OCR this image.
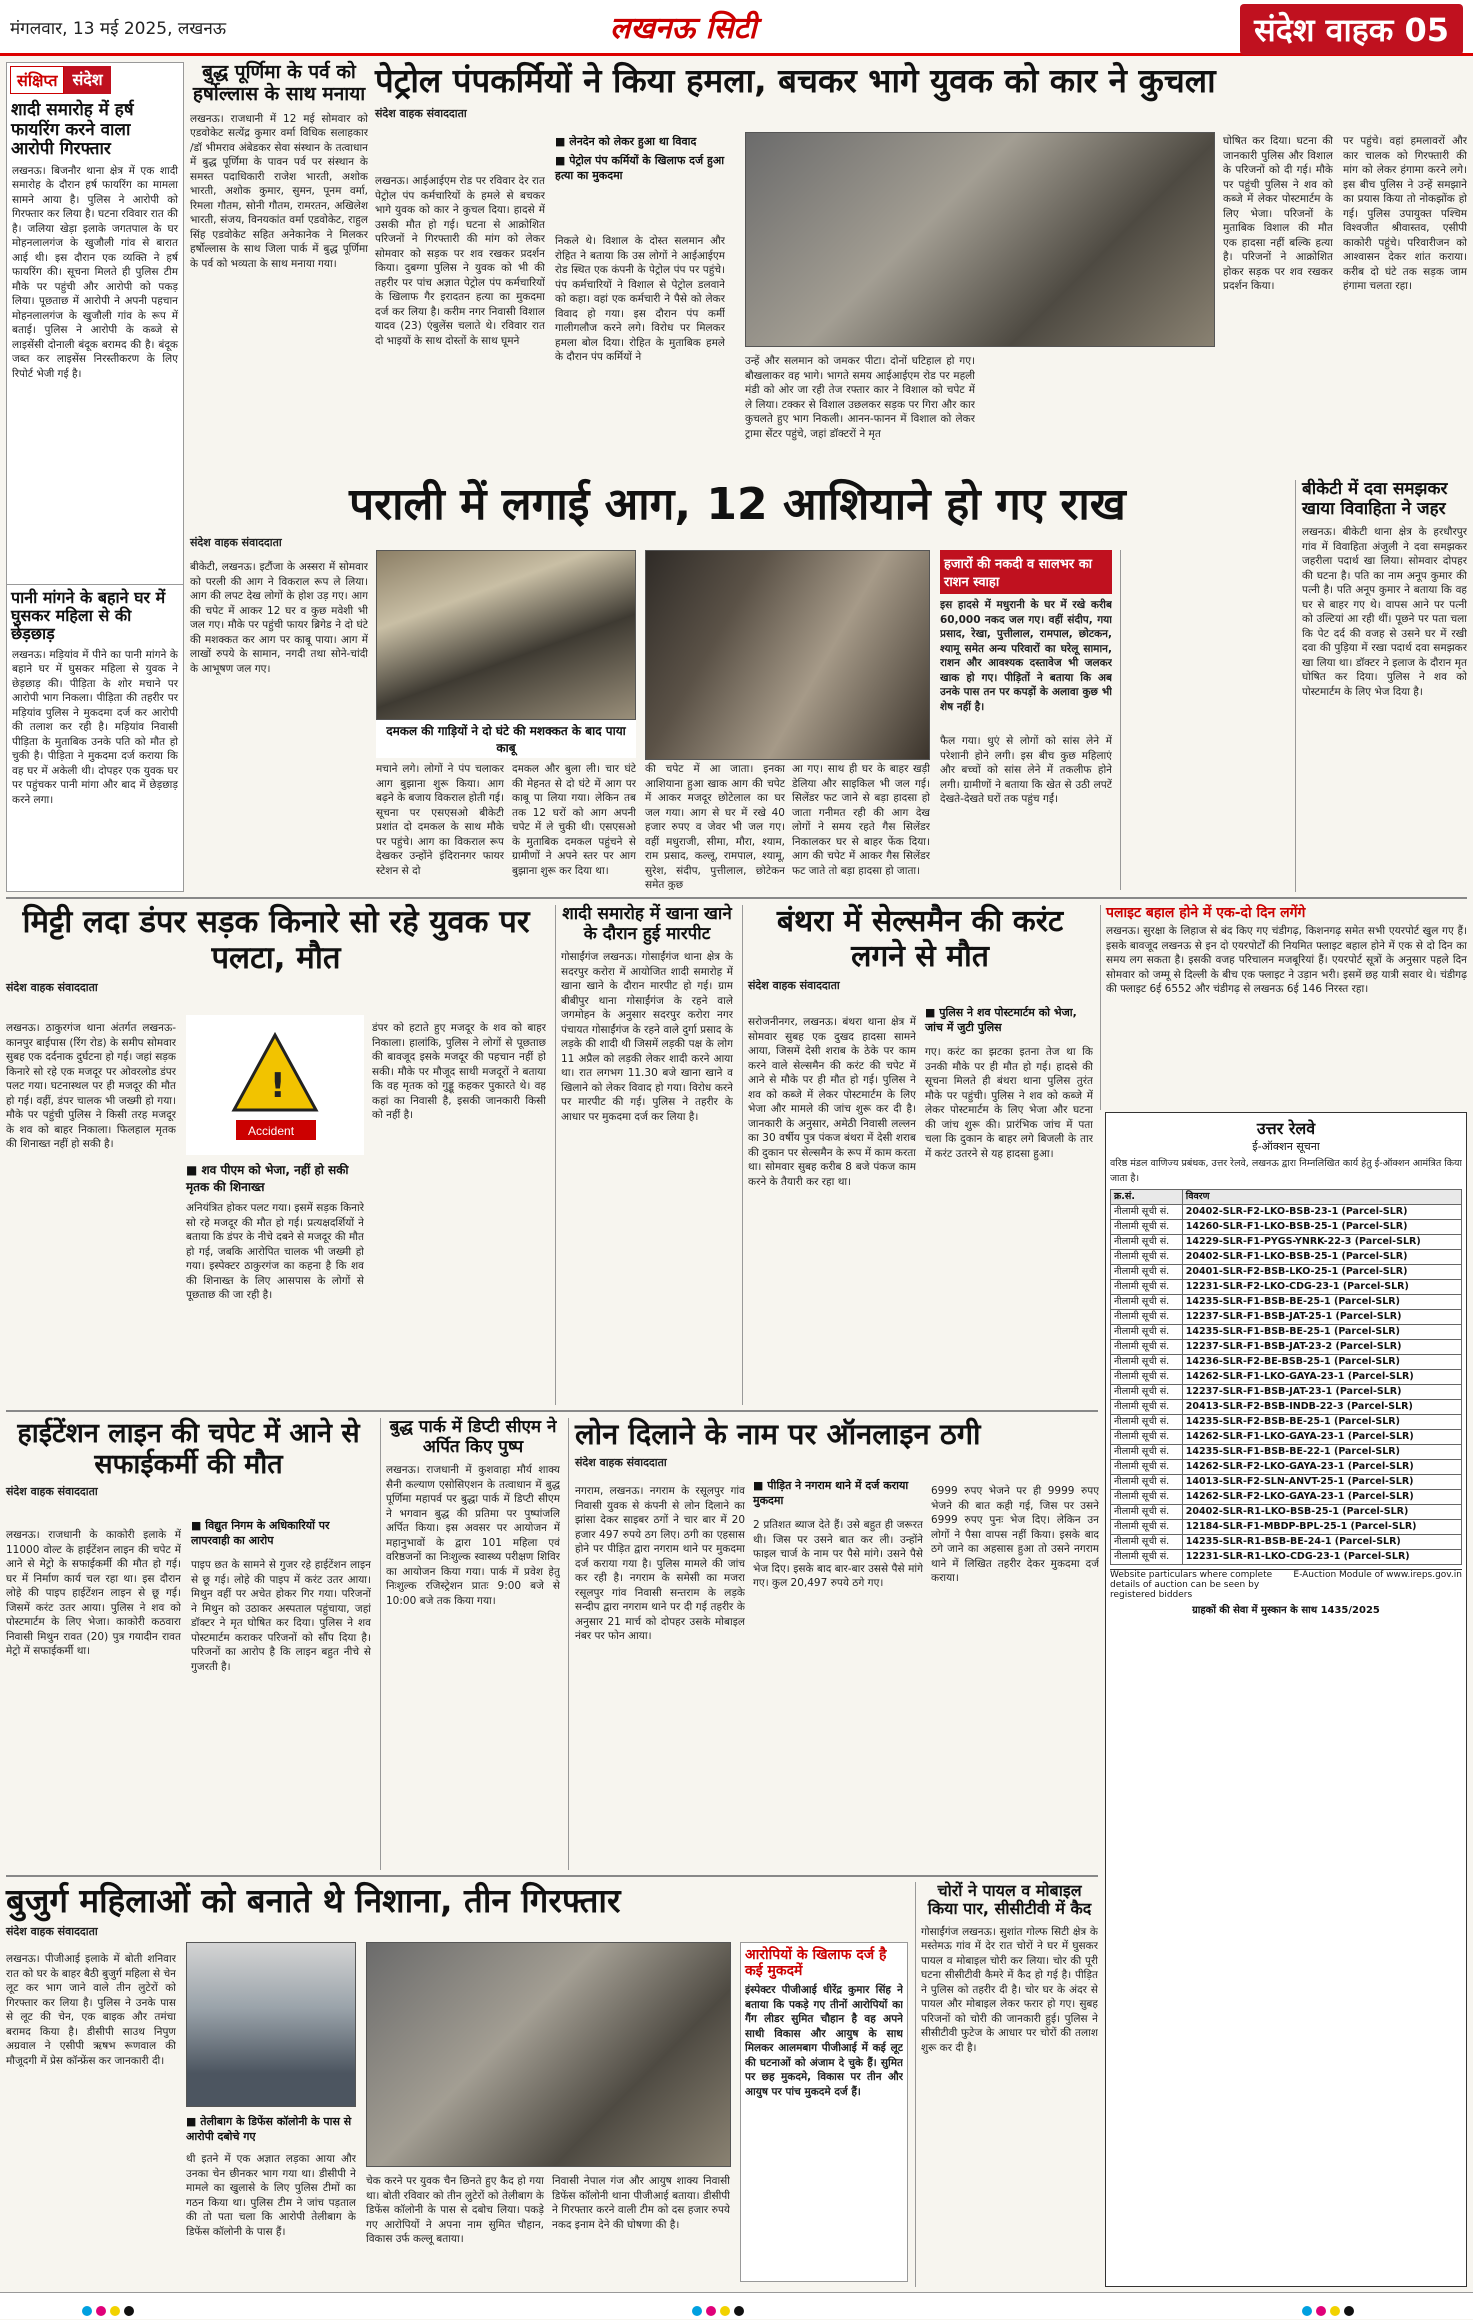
मंगलवार, 13 मई 2025, लखनऊ	लखनऊ सिटी	संदेश वाहक 05
संक्षिप्त संदेश
शादी समारोह में हर्ष फायरिंग करने वाला आरोपी गिरफ्तार
लखनऊ। बिजनौर थाना क्षेत्र में एक शादी समारोह के दौरान हर्ष फायरिंग का मामला सामने आया है। पुलिस ने आरोपी को गिरफ्तार कर लिया है। घटना रविवार रात की है। जलिया खेड़ा इलाके जगतपाल के घर मोहनलालगंज के खुजौली गांव से बारात आई थी। इस दौरान एक व्यक्ति ने हर्ष फायरिंग की। सूचना मिलते ही पुलिस टीम मौके पर पहुंची और आरोपी को पकड़ लिया। पूछताछ में आरोपी ने अपनी पहचान मोहनलालगंज के खुजौली गांव के रूप में बताई। पुलिस ने आरोपी के कब्जे से लाइसेंसी दोनाली बंदूक बरामद की है। बंदूक जब्त कर लाइसेंस निरस्तीकरण के लिए रिपोर्ट भेजी गई है।
पानी मांगने के बहाने घर में घुसकर महिला से की छेड़छाड़
लखनऊ। मड़ियांव में पीने का पानी मांगने के बहाने घर में घुसकर महिला से युवक ने छेड़छाड़ की। पीड़िता के शोर मचाने पर आरोपी भाग निकला। पीड़िता की तहरीर पर मड़ियांव पुलिस ने मुकदमा दर्ज कर आरोपी की तलाश कर रही है। मड़ियांव निवासी पीड़िता के मुताबिक उनके पति को मौत हो चुकी है। पीड़िता ने मुकदमा दर्ज कराया कि वह घर में अकेली थी। दोपहर एक युवक घर पर पहुंचकर पानी मांगा और बाद में छेड़छाड़ करने लगा।
बुद्ध पूर्णिमा के पर्व को हर्षोल्लास के साथ मनाया
लखनऊ। राजधानी में 12 मई सोमवार को एडवोकेट सत्येंद्र कुमार वर्मा विधिक सलाहकार /डॉ भीमराव अंबेडकर सेवा संस्थान के तत्वाधान में बुद्ध पूर्णिमा के पावन पर्व पर संस्थान के समस्त पदाधिकारी राजेश भारती, अशोक भारती, अशोक कुमार, सुमन, पूनम वर्मा, रिमला गौतम, सोनी गौतम, रामरतन, अखिलेश भारती, संजय, विनयकांत वर्मा एडवोकेट, राहुल सिंह एडवोकेट सहित अनेकानेक ने मिलकर हर्षोल्लास के साथ जिला पार्क में बुद्ध पूर्णिमा के पर्व को भव्यता के साथ मनाया गया।
पेट्रोल पंपकर्मियों ने किया हमला, बचकर भागे युवक को कार ने कुचला
संदेश वाहक संवाददाता
लखनऊ। आईआईएम रोड पर रविवार देर रात पेट्रोल पंप कर्मचारियों के हमले से बचकर भागे युवक को कार ने कुचल दिया। हादसे में उसकी मौत हो गई। घटना से आक्रोशित परिजनों ने गिरफ्तारी की मांग को लेकर सोमवार को सड़क पर शव रखकर प्रदर्शन किया। दुबग्गा पुलिस ने युवक को भी की तहरीर पर पांच अज्ञात पेट्रोल पंप कर्मचारियों के खिलाफ गैर इरादतन हत्या का मुकदमा दर्ज कर लिया है। करीम नगर निवासी विशाल यादव (23) एंबुलेंस चलाते थे। रविवार रात दो भाइयों के साथ दोस्तों के साथ घूमने
■ लेनदेन को लेकर हुआ था विवाद
■ पेट्रोल पंप कर्मियों के खिलाफ दर्ज हुआ हत्या का मुकदमा
निकले थे। विशाल के दोस्त सलमान और रोहित ने बताया कि उस लोगों ने आईआईएम रोड स्थित एक कंपनी के पेट्रोल पंप पर पहुंचे। पंप कर्मचारियों ने विशाल से पेट्रोल डलवाने को कहा। वहां एक कर्मचारी ने पैसे को लेकर विवाद हो गया। इस दौरान पंप कर्मी गालीगलौज करने लगे। विरोध पर मिलकर हमला बोल दिया। रोहित के मुताबिक हमले के दौरान पंप कर्मियों ने	उन्हें और सलमान को जमकर पीटा। दोनों घटिहाल हो गए। बौखलाकर वह भागे। भागते समय आईआईएम रोड पर महली मंडी को ओर जा रही तेज रफ्तार कार ने विशाल को चपेट में ले लिया। टक्कर से विशाल उछलकर सड़क पर गिरा और कार कुचलते हुए भाग निकली। आनन-फानन में विशाल को लेकर ट्रामा सेंटर पहुंचे, जहां डॉक्टरों ने मृत
घोषित कर दिया। घटना की जानकारी पुलिस और विशाल के परिजनों को दी गई। मौके पर पहुंची पुलिस ने शव को कब्जे में लेकर पोस्टमार्टम के लिए भेजा। परिजनों के मुताबिक विशाल की मौत एक हादसा नहीं बल्कि हत्या है। परिजनों ने आक्रोशित होकर सड़क पर शव रखकर प्रदर्शन किया।
पर पहुंचे। वहां हमलावरों और कार चालक को गिरफ्तारी की मांग को लेकर हंगामा करने लगे। इस बीच पुलिस ने उन्हें समझाने का प्रयास किया तो नोकझोंक हो गई। पुलिस उपायुक्त पश्चिम विश्वजीत श्रीवास्तव, एसीपी काकोरी पहुंचे। परिवारीजन को आश्वासन देकर शांत कराया। करीब दो घंटे तक सड़क जाम हंगामा चलता रहा।
पराली में लगाई आग, 12 आशियाने हो गए राख
संदेश वाहक संवाददाता
बीकेटी, लखनऊ। इटौंजा के अस्सरा में सोमवार को परली की आग ने विकराल रूप ले लिया। आग की लपट देख लोगों के होश उड़ गए। आग की चपेट में आकर 12 घर व कुछ मवेशी भी जल गए। मौके पर पहुंची फायर ब्रिगेड ने दो घंटे की मशक्कत कर आग पर काबू पाया। आग में लाखों रुपये के सामान, नगदी तथा सोने-चांदी के आभूषण जल गए।
दमकल की गाड़ियों ने दो घंटे की मशक्कत के बाद पाया काबू
मचाने लगे। लोगों ने पंप चलाकर आग बुझाना शुरू किया। आग बढ़ने के बजाय विकराल होती गई। सूचना पर एसएसओ बीकेटी प्रशांत दो दमकल के साथ मौके पर पहुंचे। आग का विकराल रूप देखकर उन्होंने इंदिरानगर फायर स्टेशन से दो
दमकल और बुला ली। चार घंटे की मेहनत से दो घंटे में आग पर काबू पा लिया गया। लेकिन तब तक 12 घरों को आग अपनी चपेट में ले चुकी थी। एसएसओ के मुताबिक दमकल पहुंचने से ग्रामीणों ने अपने स्तर पर आग बुझाना शुरू कर दिया था।
की चपेट में आ जाता। इनका आशियाना हुआ खाक आग की चपेट में आकर मजदूर छोटेलाल का घर जल गया। आग से घर में रखे 40 हजार रुपए व जेवर भी जल गए। वहीं मधुराजी, सीमा, मौरा, श्याम, राम प्रसाद, कल्लू, रामपाल, श्यामू, सुरेश, संदीप, पुत्तीलाल, छोटेकन समेत कुछ
आ गए। साथ ही घर के बाहर खड़ी डेलिया और साइकिल भी जल गई। सिलेंडर फट जाने से बड़ा हादसा हो जाता गनीमत रही की आग देख लोगों ने समय रहते गैस सिलेंडर निकालकर घर से बाहर फेंक दिया। आग की चपेट में आकर गैस सिलेंडर फट जाते तो बड़ा हादसा हो जाता।
हजारों की नकदी व सालभर का राशन स्वाहा
इस हादसे में मधुरानी के घर में रखे करीब 60,000 नकद जल गए। वहीं संदीप, गया प्रसाद, रेखा, पुत्तीलाल, रामपाल, छोटकन, श्यामू समेत अन्य परिवारों का घरेलू सामान, राशन और आवश्यक दस्तावेज भी जलकर खाक हो गए। पीड़ितों ने बताया कि अब उनके पास तन पर कपड़ों के अलावा कुछ भी शेष नहीं है।
फैल गया। धुएं से लोगों को सांस लेने में परेशानी होने लगी। इस बीच कुछ महिलाएं और बच्चों को सांस लेने में तकलीफ होने लगी। ग्रामीणों ने बताया कि खेत से उठी लपटें देखते-देखते घरों तक पहुंच गईं।
बीकेटी में दवा समझकर खाया विवाहिता ने जहर
लखनऊ। बीकेटी थाना क्षेत्र के हरधौरपुर गांव में विवाहिता अंजुली ने दवा समझकर जहरीला पदार्थ खा लिया। सोमवार दोपहर की घटना है। पति का नाम अनूप कुमार की पत्नी है। पति अनूप कुमार ने बताया कि वह घर से बाहर गए थे। वापस आने पर पत्नी को उल्टियां आ रही थीं। पूछने पर पता चला कि पेट दर्द की वजह से उसने घर में रखी दवा की पुड़िया में रखा पदार्थ दवा समझकर खा लिया था। डॉक्टर ने इलाज के दौरान मृत घोषित कर दिया। पुलिस ने शव को पोस्टमार्टम के लिए भेज दिया है।
मिट्टी लदा डंपर सड़क किनारे सो रहे युवक पर पलटा, मौत
संदेश वाहक संवाददाता
लखनऊ। ठाकुरगंज थाना अंतर्गत लखनऊ-कानपुर बाईपास (रिंग रोड) के समीप सोमवार सुबह एक दर्दनाक दुर्घटना हो गई। जहां सड़क किनारे सो रहे एक मजदूर पर ओवरलोड डंपर पलट गया। घटनास्थल पर ही मजदूर की मौत हो गई। वहीं, डंपर चालक भी जख्मी हो गया। मौके पर पहुंची पुलिस ने किसी तरह मजदूर के शव को बाहर निकाला। फिलहाल मृतक की शिनाख्त नहीं हो सकी है।
!
Accident
■ शव पीएम को भेजा, नहीं हो सकी मृतक की शिनाख्त
अनियंत्रित होकर पलट गया। इसमें सड़क किनारे सो रहे मजदूर की मौत हो गई। प्रत्यक्षदर्शियों ने बताया कि डंपर के नीचे दबने से मजदूर की मौत हो गई, जबकि आरोपित चालक भी जख्मी हो गया। इस्पेक्टर ठाकुरगंज का कहना है कि शव की शिनाख्त के लिए आसपास के लोगों से पूछताछ की जा रही है।
डंपर को हटाते हुए मजदूर के शव को बाहर निकाला। हालांकि, पुलिस ने लोगों से पूछताछ की बावजूद इसके मजदूर की पहचान नहीं हो सकी। मौके पर मौजूद साथी मजदूरों ने बताया कि वह मृतक को गुड्डू कहकर पुकारते थे। वह कहां का निवासी है, इसकी जानकारी किसी को नहीं है।
शादी समारोह में खाना खाने के दौरान हुई मारपीट
गोसाईंगंज लखनऊ। गोसाईंगंज थाना क्षेत्र के सदरपुर करोरा में आयोजित शादी समारोह में खाना खाने के दौरान मारपीट हो गई। ग्राम बीबीपुर थाना गोसाईंगंज के रहने वाले जगमोहन के अनुसार सदरपुर करोरा नगर पंचायत गोसाईंगंज के रहने वाले दुर्गा प्रसाद के लड़के की शादी थी जिसमें लड़की पक्ष के लोग 11 अप्रैल को लड़की लेकर शादी करने आया था। रात लगभग 11.30 बजे खाना खाने व खिलाने को लेकर विवाद हो गया। विरोध करने पर मारपीट की गई। पुलिस ने तहरीर के आधार पर मुकदमा दर्ज कर लिया है।
बंथरा में सेल्समैन की करंट लगने से मौत
संदेश वाहक संवाददाता
सरोजनीनगर, लखनऊ। बंथरा थाना क्षेत्र में सोमवार सुबह एक दुखद हादसा सामने आया, जिसमें देसी शराब के ठेके पर काम करने वाले सेल्समैन की करंट की चपेट में आने से मौके पर ही मौत हो गई। पुलिस ने शव को कब्जे में लेकर पोस्टमार्टम के लिए भेजा और मामले की जांच शुरू कर दी है। जानकारी के अनुसार, अमेठी निवासी लल्लन का 30 वर्षीय पुत्र पंकज बंथरा में देसी शराब की दुकान पर सेल्समैन के रूप में काम करता था। सोमवार सुबह करीब 8 बजे पंकज काम करने के तैयारी कर रहा था।
■ पुलिस ने शव पोस्टमार्टम को भेजा, जांच में जुटी पुलिस
गए। करंट का झटका इतना तेज था कि उनकी मौके पर ही मौत हो गई। हादसे की सूचना मिलते ही बंथरा थाना पुलिस तुरंत मौके पर पहुंची। पुलिस ने शव को कब्जे में लेकर पोस्टमार्टम के लिए भेजा और घटना की जांच शुरू की। प्रारंभिक जांच में पता चला कि दुकान के बाहर लगे बिजली के तार में करंट उतरने से यह हादसा हुआ।
पलाइट बहाल होने में एक-दो दिन लगेंगे
लखनऊ। सुरक्षा के लिहाज से बंद किए गए चंडीगढ़, किशनगढ़ समेत सभी एयरपोर्ट खुल गए हैं। इसके बावजूद लखनऊ से इन दो एयरपोर्टों की नियमित फ्लाइट बहाल होने में एक से दो दिन का समय लग सकता है। इसकी वजह परिचालन मजबूरियां हैं। एयरपोर्ट सूत्रों के अनुसार पहले दिन सोमवार को जम्मू से दिल्ली के बीच एक फ्लाइट ने उड़ान भरी। इसमें छह यात्री सवार थे। चंडीगढ़ की फ्लाइट 6ई 6552 और चंडीगढ़ से लखनऊ 6ई 146 निरस्त रहा।
उत्तर रेलवे
ई-ऑक्शन सूचना
वरिष्ठ मंडल वाणिज्य प्रबंधक, उत्तर रेलवे, लखनऊ द्वारा निम्नलिखित कार्य हेतु ई-ऑक्शन आमंत्रित किया जाता है।
क्र.सं.	विवरण
नीलामी सूची सं.	20402-SLR-F2-LKO-BSB-23-1 (Parcel-SLR)
नीलामी सूची सं.	14260-SLR-F1-LKO-BSB-25-1 (Parcel-SLR)
नीलामी सूची सं.	14229-SLR-F1-PYGS-YNRK-22-3 (Parcel-SLR)
नीलामी सूची सं.	20402-SLR-F1-LKO-BSB-25-1 (Parcel-SLR)
नीलामी सूची सं.	20401-SLR-F2-BSB-LKO-25-1 (Parcel-SLR)
नीलामी सूची सं.	12231-SLR-F2-LKO-CDG-23-1 (Parcel-SLR)
नीलामी सूची सं.	14235-SLR-F1-BSB-BE-25-1 (Parcel-SLR)
नीलामी सूची सं.	12237-SLR-F1-BSB-JAT-25-1 (Parcel-SLR)
नीलामी सूची सं.	14235-SLR-F1-BSB-BE-25-1 (Parcel-SLR)
नीलामी सूची सं.	12237-SLR-F1-BSB-JAT-23-2 (Parcel-SLR)
नीलामी सूची सं.	14236-SLR-F2-BE-BSB-25-1 (Parcel-SLR)
नीलामी सूची सं.	14262-SLR-F1-LKO-GAYA-23-1 (Parcel-SLR)
नीलामी सूची सं.	12237-SLR-F1-BSB-JAT-23-1 (Parcel-SLR)
नीलामी सूची सं.	20413-SLR-F2-BSB-INDB-22-3 (Parcel-SLR)
नीलामी सूची सं.	14235-SLR-F2-BSB-BE-25-1 (Parcel-SLR)
नीलामी सूची सं.	14262-SLR-F1-LKO-GAYA-23-1 (Parcel-SLR)
नीलामी सूची सं.	14235-SLR-F1-BSB-BE-22-1 (Parcel-SLR)
नीलामी सूची सं.	14262-SLR-F2-LKO-GAYA-23-1 (Parcel-SLR)
नीलामी सूची सं.	14013-SLR-F2-SLN-ANVT-25-1 (Parcel-SLR)
नीलामी सूची सं.	14262-SLR-F2-LKO-GAYA-23-1 (Parcel-SLR)
नीलामी सूची सं.	20402-SLR-R1-LKO-BSB-25-1 (Parcel-SLR)
नीलामी सूची सं.	12184-SLR-F1-MBDP-BPL-25-1 (Parcel-SLR)
नीलामी सूची सं.	14235-SLR-R1-BSB-BE-24-1 (Parcel-SLR)
नीलामी सूची सं.	12231-SLR-R1-LKO-CDG-23-1 (Parcel-SLR)
Website particulars where complete details of auction can be seen by registered bidders
E-Auction Module of www.ireps.gov.in
ग्राहकों की सेवा में मुस्कान के साथ 1435/2025
हाईटेंशन लाइन की चपेट में आने से सफाईकर्मी की मौत
संदेश वाहक संवाददाता
लखनऊ। राजधानी के काकोरी इलाके में 11000 वोल्ट के हाईटेंशन लाइन की चपेट में आने से मेट्रो के सफाईकर्मी की मौत हो गई। घर में निर्माण कार्य चल रहा था। इस दौरान लोहे की पाइप हाईटेंशन लाइन से छू गई। जिसमें करंट उतर आया। पुलिस ने शव को पोस्टमार्टम के लिए भेजा। काकोरी कठवारा निवासी मिथुन रावत (20) पुत्र गयादीन रावत मेट्रो में सफाईकर्मी था।
■ विद्युत निगम के अधिकारियों पर लापरवाही का आरोप
पाइप छत के सामने से गुजर रहे हाईटेंशन लाइन से छू गई। लोहे की पाइप में करंट उतर आया। मिथुन वहीं पर अचेत होकर गिर गया। परिजनों ने मिथुन को उठाकर अस्पताल पहुंचाया, जहां डॉक्टर ने मृत घोषित कर दिया। पुलिस ने शव पोस्टमार्टम कराकर परिजनों को सौंप दिया है। परिजनों का आरोप है कि लाइन बहुत नीचे से गुजरती है।
बुद्ध पार्क में डिप्टी सीएम ने अर्पित किए पुष्प
लखनऊ। राजधानी में कुशवाहा मौर्य शाक्य सैनी कल्याण एसोसिएशन के तत्वाधान में बुद्ध पूर्णिमा महापर्व पर बुद्धा पार्क में डिप्टी सीएम ने भगवान बुद्ध की प्रतिमा पर पुष्पांजलि अर्पित किया। इस अवसर पर आयोजन में महानुभावों के द्वारा 101 महिला एवं वरिष्ठजनों का निःशुल्क स्वास्थ्य परीक्षण शिविर का आयोजन किया गया। पार्क में प्रवेश हेतु निःशुल्क रजिस्ट्रेशन प्रातः 9:00 बजे से 10:00 बजे तक किया गया।
लोन दिलाने के नाम पर ऑनलाइन ठगी
संदेश वाहक संवाददाता
नगराम, लखनऊ। नगराम के रसूलपुर गांव निवासी युवक से कंपनी से लोन दिलाने का झांसा देकर साइबर ठगों ने चार बार में 20 हजार 497 रुपये ठग लिए। ठगी का एहसास होने पर पीड़ित द्वारा नगराम थाने पर मुकदमा दर्ज कराया गया है। पुलिस मामले की जांच कर रही है। नगराम के समेसी का मजरा रसूलपुर गांव निवासी सन्तराम के लड़के सन्दीप द्वारा नगराम थाने पर दी गई तहरीर के अनुसार 21 मार्च को दोपहर उसके मोबाइल नंबर पर फोन आया।
■ पीड़ित ने नगराम थाने में दर्ज कराया मुकदमा
2 प्रतिशत ब्याज देते हैं। उसे बहुत ही जरूरत थी। जिस पर उसने बात कर ली। उन्होंने फाइल चार्ज के नाम पर पैसे मांगे। उसने पैसे भेज दिए। इसके बाद बार-बार उससे पैसे मांगे गए। कुल 20,497 रुपये ठगे गए।
6999 रुपए भेजने पर ही 9999 रुपए भेजने की बात कही गई, जिस पर उसने 6999 रुपए पुनः भेज दिए। लेकिन उन लोगों ने पैसा वापस नहीं किया। इसके बाद ठगे जाने का अहसास हुआ तो उसने नगराम थाने में लिखित तहरीर देकर मुकदमा दर्ज कराया।
बुजुर्ग महिलाओं को बनाते थे निशाना, तीन गिरफ्तार
संदेश वाहक संवाददाता
लखनऊ। पीजीआई इलाके में बोती शनिवार रात को घर के बाहर बैठी बुजुर्ग महिला से चेन लूट कर भाग जाने वाले तीन लुटेरों को गिरफ्तार कर लिया है। पुलिस ने उनके पास से लूट की चेन, एक बाइक और तमंचा बरामद किया है। डीसीपी साउथ निपुण अग्रवाल ने एसीपी ऋषभ रूणवाल की मौजूदगी में प्रेस कॉन्फ्रेंस कर जानकारी दी।
■ तेलीबाग के डिफेंस कॉलोनी के पास से आरोपी दबोचे गए
थी इतने में एक अज्ञात लड़का आया और उनका चेन छीनकर भाग गया था। डीसीपी ने मामले का खुलासे के लिए पुलिस टीमों का गठन किया था। पुलिस टीम ने जांच पड़ताल की तो पता चला कि आरोपी तेलीबाग के डिफेंस कॉलोनी के पास हैं।
चेक करने पर युवक चैन छिनते हुए कैद हो गया था। बोती रविवार को तीन लुटेरों को तेलीबाग के डिफेंस कॉलोनी के पास से दबोच लिया। पकड़े गए आरोपियों ने अपना नाम सुमित चौहान, विकास उर्फ कल्लू बताया।
निवासी नेपाल गंज और आयुष शाक्य निवासी डिफेंस कॉलोनी थाना पीजीआई बताया। डीसीपी ने गिरफ्तार करने वाली टीम को दस हजार रुपये नकद इनाम देने की घोषणा की है।
आरोपियों के खिलाफ दर्ज है कई मुकदमें
इंस्पेक्टर पीजीआई धीरेंद्र कुमार सिंह ने बताया कि पकड़े गए तीनों आरोपियों का गैंग लीडर सुमित चौहान है वह अपने साथी विकास और आयुष के साथ मिलकर आलमबाग पीजीआई में कई लूट की घटनाओं को अंजाम दे चुके हैं। सुमित पर छह मुकदमे, विकास पर तीन और आयुष पर पांच मुकदमे दर्ज हैं।
चोरों ने पायल व मोबाइल किया पार, सीसीटीवी में कैद
गोसाईंगंज लखनऊ। सुशांत गोल्फ सिटी क्षेत्र के मस्तेमऊ गांव में देर रात चोरों ने घर में घुसकर पायल व मोबाइल चोरी कर लिया। चोर की पूरी घटना सीसीटीवी कैमरे में कैद हो गई है। पीड़ित ने पुलिस को तहरीर दी है। चोर घर के अंदर से पायल और मोबाइल लेकर फरार हो गए। सुबह परिजनों को चोरी की जानकारी हुई। पुलिस ने सीसीटीवी फुटेज के आधार पर चोरों की तलाश शुरू कर दी है।
